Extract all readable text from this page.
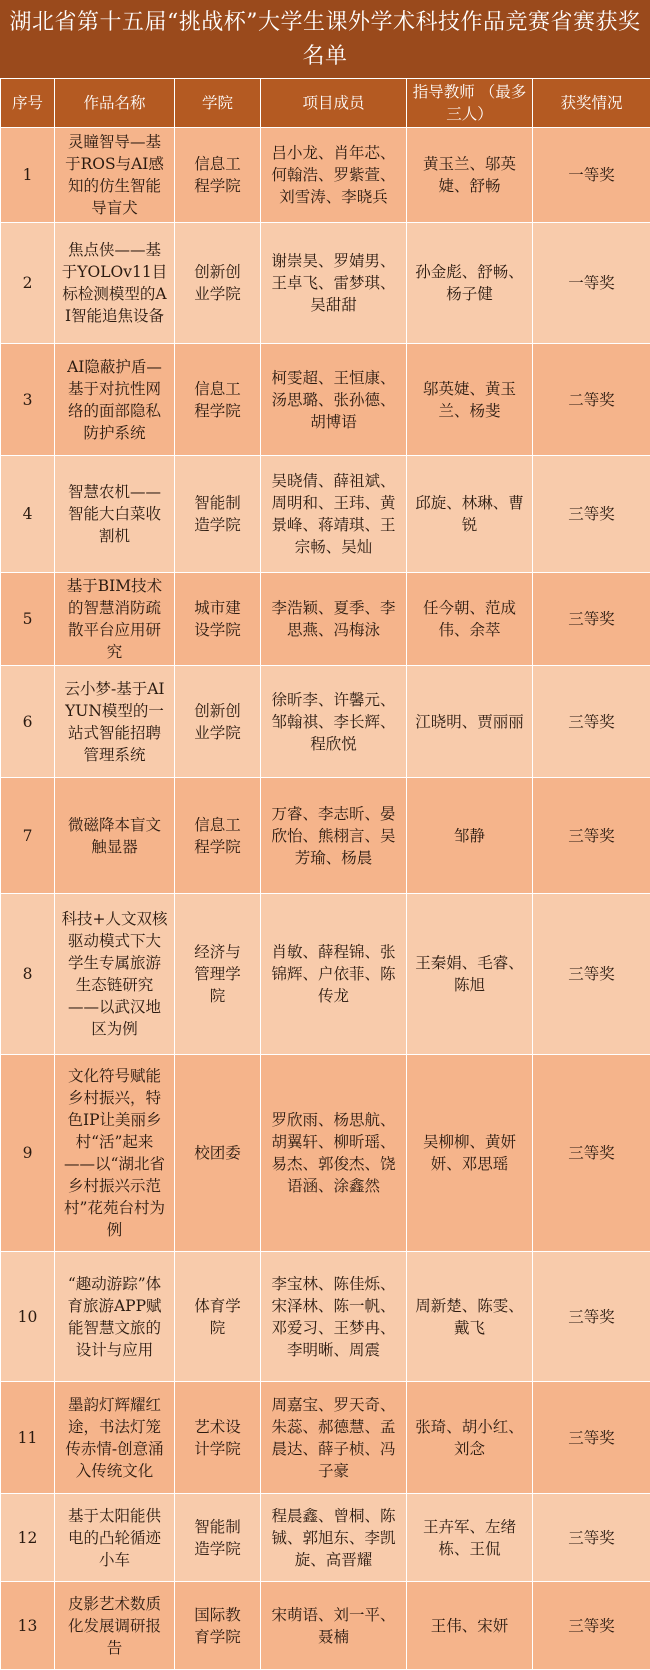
湖北省第十五届“挑战杯”大学生课外学术科技作品竞赛省赛获奖名单
序号	作品名称	学院	项目成员	指导教师 （最多三人）	获奖情况
1	灵瞳智导—基于ROS与AI感知的仿生智能导盲犬	信息工程学院	吕小龙、肖年芯、何翰浩、罗紫萱、刘雪涛、李晓兵	黄玉兰、邬英婕、舒畅	一等奖
2	焦点侠——基于YOLOv11目标检测模型的AI智能追焦设备	创新创业学院	谢崇昊、罗婧男、王卓飞、雷梦琪、吴甜甜	孙金彪、舒畅、杨子健	一等奖
3	AI隐蔽护盾—基于对抗性网络的面部隐私防护系统	信息工程学院	柯雯超、王恒康、汤思璐、张孙德、胡博语	邬英婕、黄玉兰、杨斐	二等奖
4	智慧农机——智能大白菜收割机	智能制造学院	吴晓倩、薛祖斌、周明和、王玮、黄景峰、蒋靖琪、王宗畅、吴灿	邱旋、林琳、曹锐	三等奖
5	基于BIM技术的智慧消防疏散平台应用研究	城市建设学院	李浩颖、夏季、李思燕、冯梅泳	任今朝、范成伟、余萃	三等奖
6	云小梦-基于AIYUN模型的一站式智能招聘管理系统	创新创业学院	徐昕李、许馨元、邹翰祺、李长辉、程欣悦	江晓明、贾丽丽	三等奖
7	微磁降本盲文触显器	信息工程学院	万睿、李志昕、晏欣怡、熊栩言、吴芳瑜、杨晨	邹静	三等奖
8	科技+人文双核驱动模式下大学生专属旅游生态链研究——以武汉地区为例	经济与管理学院	肖敏、薛程锦、张锦辉、户依菲、陈传龙	王秦娟、毛睿、陈旭	三等奖
9	文化符号赋能乡村振兴，特色IP让美丽乡村“活”起来——以“湖北省乡村振兴示范村”花苑台村为例	校团委	罗欣雨、杨思航、胡翼轩、柳昕瑶、易杰、郭俊杰、饶语涵、涂鑫然	吴柳柳、黄妍妍、邓思瑶	三等奖
10	“趣动游踪”体育旅游APP赋能智慧文旅的设计与应用	体育学院	李宝林、陈佳烁、宋泽林、陈一帆、邓爱习、王梦冉、李明晰、周震	周新楚、陈雯、戴飞	三等奖
11	墨韵灯辉耀红途，书法灯笼传赤情-创意涌入传统文化	艺术设计学院	周嘉宝、罗天奇、朱蕊、郝德慧、孟晨达、薛子桢、冯子豪	张琦、胡小红、刘念	三等奖
12	基于太阳能供电的凸轮循迹小车	智能制造学院	程晨鑫、曾桐、陈铖、郭旭东、李凯旋、高晋耀	王卉军、左绪栋、王侃	三等奖
13	皮影艺术数质化发展调研报告	国际教育学院	宋萌语、刘一平、聂楠	王伟、宋妍	三等奖
